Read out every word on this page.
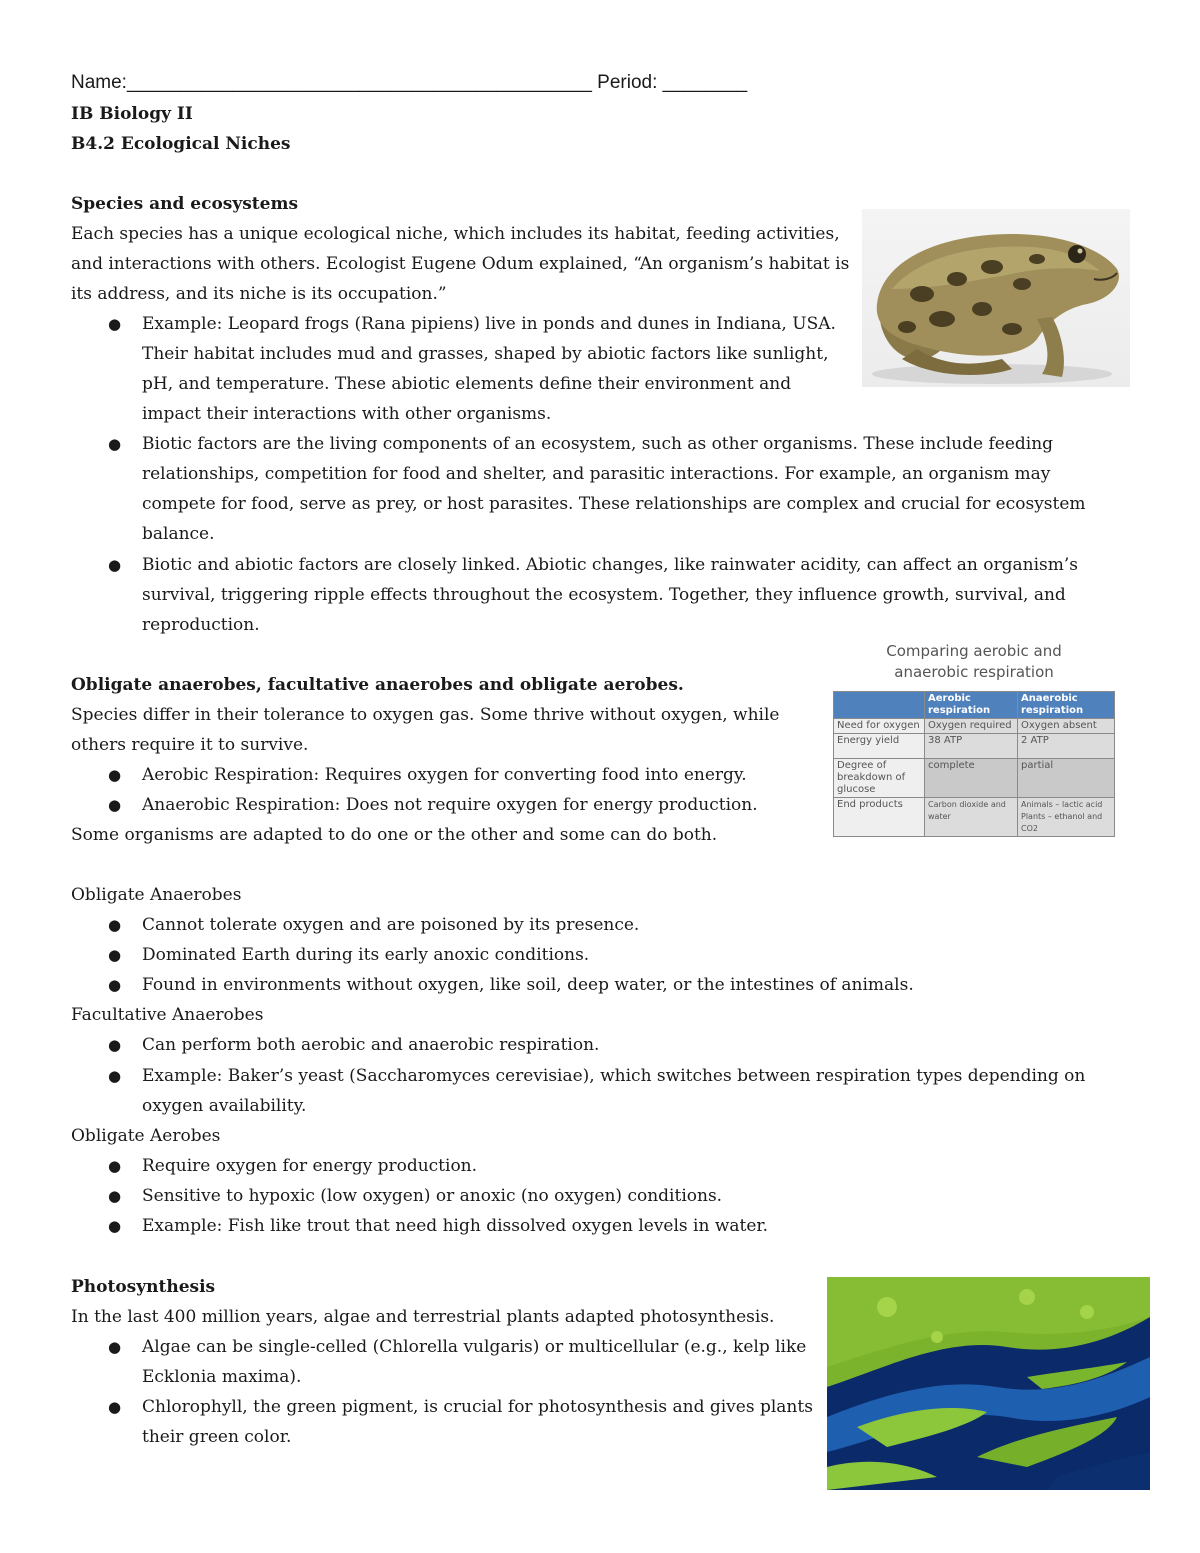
Name:____________________________________________ Period: ________
IB Biology II
B4.2 Ecological Niches
Species and ecosystems
Each species has a unique ecological niche, which includes its habitat, feeding activities,
and interactions with others. Ecologist Eugene Odum explained, “An organism’s habitat is
its address, and its niche is its occupation.”
● Example: Leopard frogs (Rana pipiens) live in ponds and dunes in Indiana, USA.
Their habitat includes mud and grasses, shaped by abiotic factors like sunlight,
pH, and temperature. These abiotic elements define their environment and
impact their interactions with other organisms.
● Biotic factors are the living components of an ecosystem, such as other organisms. These include feeding
relationships, competition for food and shelter, and parasitic interactions. For example, an organism may
compete for food, serve as prey, or host parasites. These relationships are complex and crucial for ecosystem
balance.
● Biotic and abiotic factors are closely linked. Abiotic changes, like rainwater acidity, can affect an organism’s
survival, triggering ripple effects throughout the ecosystem. Together, they influence growth, survival, and
reproduction.
Obligate anaerobes, facultative anaerobes and obligate aerobes.
Species differ in their tolerance to oxygen gas. Some thrive without oxygen, while
others require it to survive.
● Aerobic Respiration: Requires oxygen for converting food into energy.
● Anaerobic Respiration: Does not require oxygen for energy production.
Some organisms are adapted to do one or the other and some can do both.
Comparing aerobic and
anaerobic respiration
	Aerobic respiration	Anaerobic respiration
Need for oxygen	Oxygen required	Oxygen absent
Energy yield	38 ATP	2 ATP
Degree of breakdown of glucose	complete	partial
End products	Carbon dioxide and water	Animals – lactic acid Plants – ethanol and CO2
Obligate Anaerobes
● Cannot tolerate oxygen and are poisoned by its presence.
● Dominated Earth during its early anoxic conditions.
● Found in environments without oxygen, like soil, deep water, or the intestines of animals.
Facultative Anaerobes
● Can perform both aerobic and anaerobic respiration.
● Example: Baker’s yeast (Saccharomyces cerevisiae), which switches between respiration types depending on
oxygen availability.
Obligate Aerobes
● Require oxygen for energy production.
● Sensitive to hypoxic (low oxygen) or anoxic (no oxygen) conditions.
● Example: Fish like trout that need high dissolved oxygen levels in water.
Photosynthesis
In the last 400 million years, algae and terrestrial plants adapted photosynthesis.
● Algae can be single-celled (Chlorella vulgaris) or multicellular (e.g., kelp like
Ecklonia maxima).
● Chlorophyll, the green pigment, is crucial for photosynthesis and gives plants
their green color.
